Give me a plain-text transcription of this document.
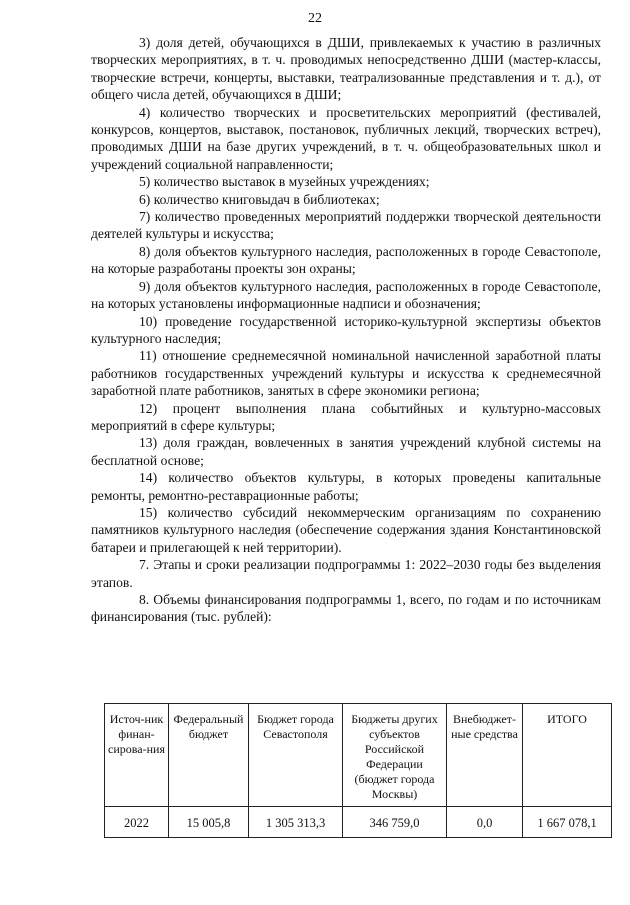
22

3) доля детей, обучающихся в ДШИ, привлекаемых к участию в различных творческих мероприятиях, в т. ч. проводимых непосредственно ДШИ (мастер-классы, творческие встречи, концерты, выставки, театрализованные представления и т. д.), от общего числа детей, обучающихся в ДШИ;

4) количество творческих и просветительских мероприятий (фестивалей, конкурсов, концертов, выставок, постановок, публичных лекций, творческих встреч), проводимых ДШИ на базе других учреждений, в т. ч. общеобразовательных школ и учреждений социальной направленности;

5) количество выставок в музейных учреждениях;

6) количество книговыдач в библиотеках;

7) количество проведенных мероприятий поддержки творческой деятельности деятелей культуры и искусства;

8) доля объектов культурного наследия, расположенных в городе Севастополе, на которые разработаны проекты зон охраны;

9) доля объектов культурного наследия, расположенных в городе Севастополе, на которых установлены информационные надписи и обозначения;

10) проведение государственной историко-культурной экспертизы объектов культурного наследия;

11) отношение среднемесячной номинальной начисленной заработной платы работников государственных учреждений культуры и искусства к среднемесячной заработной плате работников, занятых в сфере экономики региона;

12) процент выполнения плана событийных и культурно-массовых мероприятий в сфере культуры;

13) доля граждан, вовлеченных в занятия учреждений клубной системы на бесплатной основе;

14) количество объектов культуры, в которых проведены капитальные ремонты, ремонтно-реставрационные работы;

15) количество субсидий некоммерческим организациям по сохранению памятников культурного наследия (обеспечение содержания здания Константиновской батареи и прилегающей к ней территории).

7. Этапы и сроки реализации подпрограммы 1: 2022–2030 годы без выделения этапов.

8. Объемы финансирования подпрограммы 1, всего, по годам и по источникам финансирования (тыс. рублей):

Источ-ник финан-сирова-ния	Федеральный бюджет	Бюджет города Севастополя	Бюджеты других субъектов Российской Федерации (бюджет города Москвы)	Внебюджет-ные средства	ИТОГО
2022	15 005,8	1 305 313,3	346 759,0	0,0	1 667 078,1
